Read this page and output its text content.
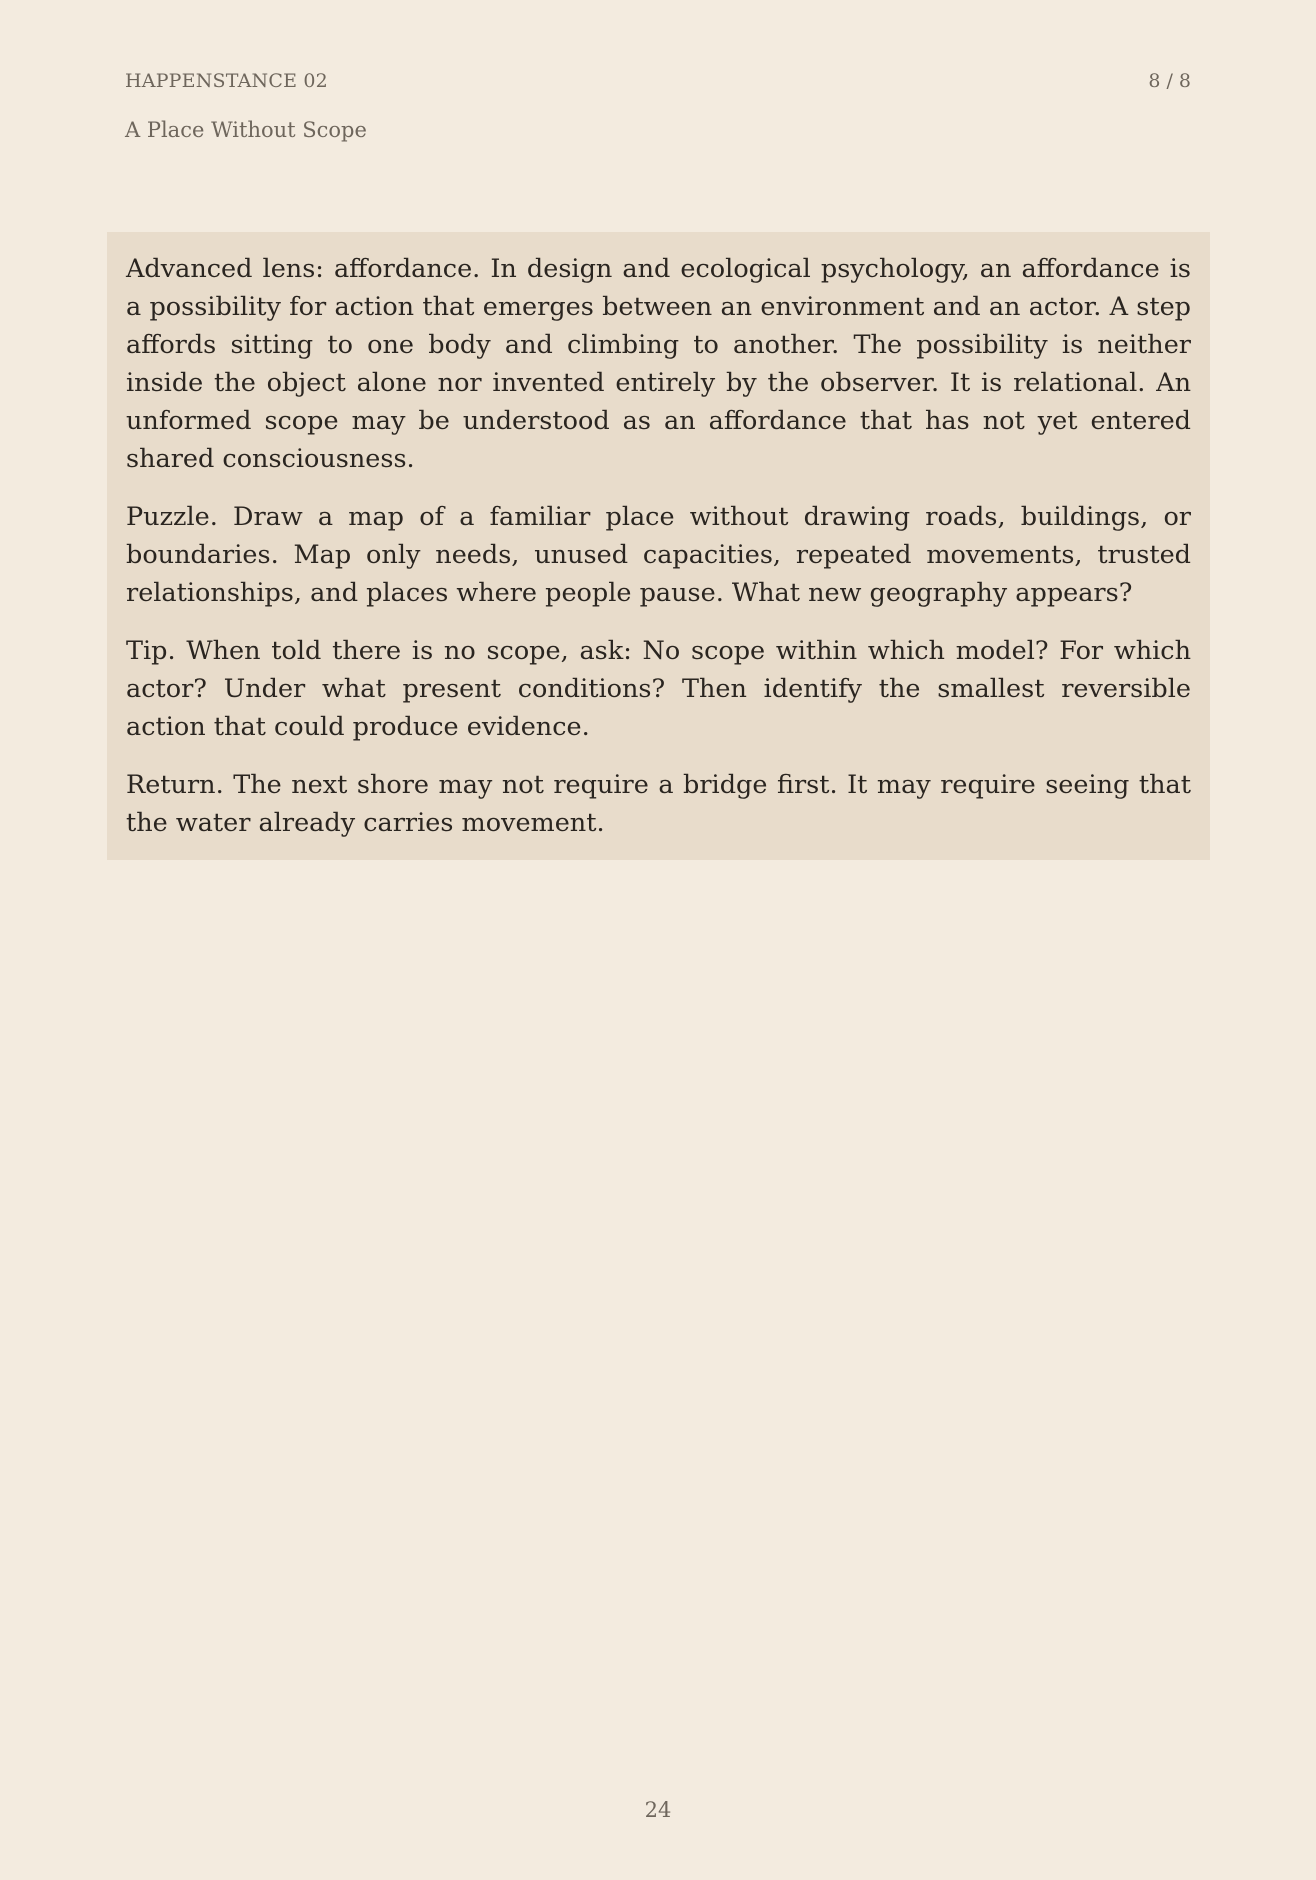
HAPPENSTANCE 02	8 / 8
A Place Without Scope

Advanced lens: affordance. In design and ecological psychology, an affordance is a possibility for action that emerges between an environment and an actor. A step affords sitting to one body and climbing to another. The possibility is neither inside the object alone nor invented entirely by the observer. It is relational. An unformed scope may be understood as an affordance that has not yet entered shared consciousness.

Puzzle. Draw a map of a familiar place without drawing roads, buildings, or boundaries. Map only needs, unused capacities, repeated movements, trusted relationships, and places where people pause. What new geography appears?

Tip. When told there is no scope, ask: No scope within which model? For which actor? Under what present conditions? Then identify the smallest reversible action that could produce evidence.

Return. The next shore may not require a bridge first. It may require seeing that the water already carries movement.

24
